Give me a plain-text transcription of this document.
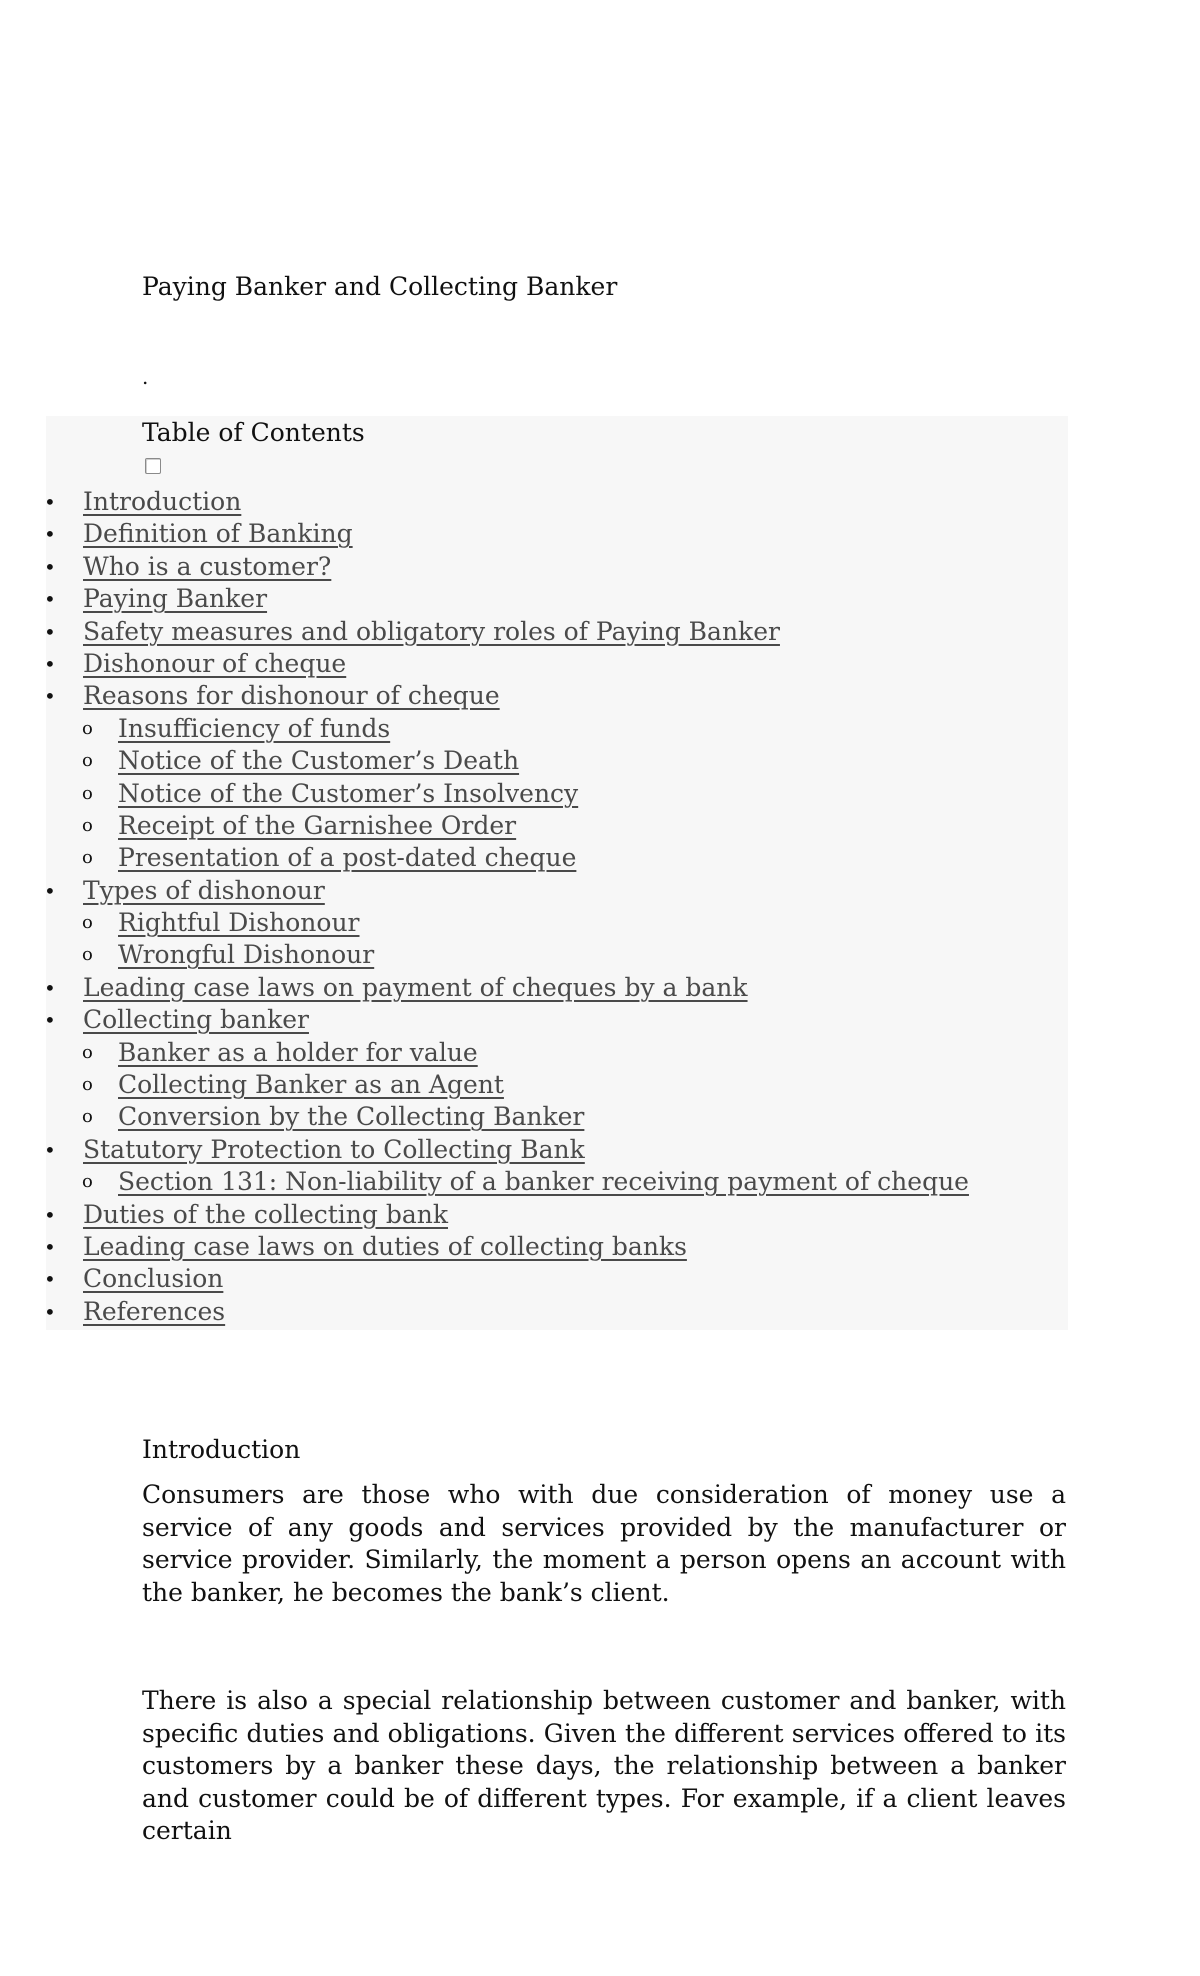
Paying Banker and Collecting Banker
.
Table of Contents
• Introduction
• Definition of Banking
• Who is a customer?
• Paying Banker
• Safety measures and obligatory roles of Paying Banker
• Dishonour of cheque
• Reasons for dishonour of cheque
o Insufficiency of funds
o Notice of the Customer’s Death
o Notice of the Customer’s Insolvency
o Receipt of the Garnishee Order
o Presentation of a post-dated cheque
• Types of dishonour
o Rightful Dishonour
o Wrongful Dishonour
• Leading case laws on payment of cheques by a bank
• Collecting banker
o Banker as a holder for value
o Collecting Banker as an Agent
o Conversion by the Collecting Banker
• Statutory Protection to Collecting Bank
o Section 131: Non-liability of a banker receiving payment of cheque
• Duties of the collecting bank
• Leading case laws on duties of collecting banks
• Conclusion
• References
Introduction

Consumers are those who with due consideration of money use a service of any goods and services provided by the manufacturer or service provider. Similarly, the moment a person opens an account with the banker, he becomes the bank’s client.

There is also a special relationship between customer and banker, with specific duties and obligations. Given the different services offered to its customers by a banker these days, the relationship between a banker and customer could be of different types. For example, if a client leaves certain
